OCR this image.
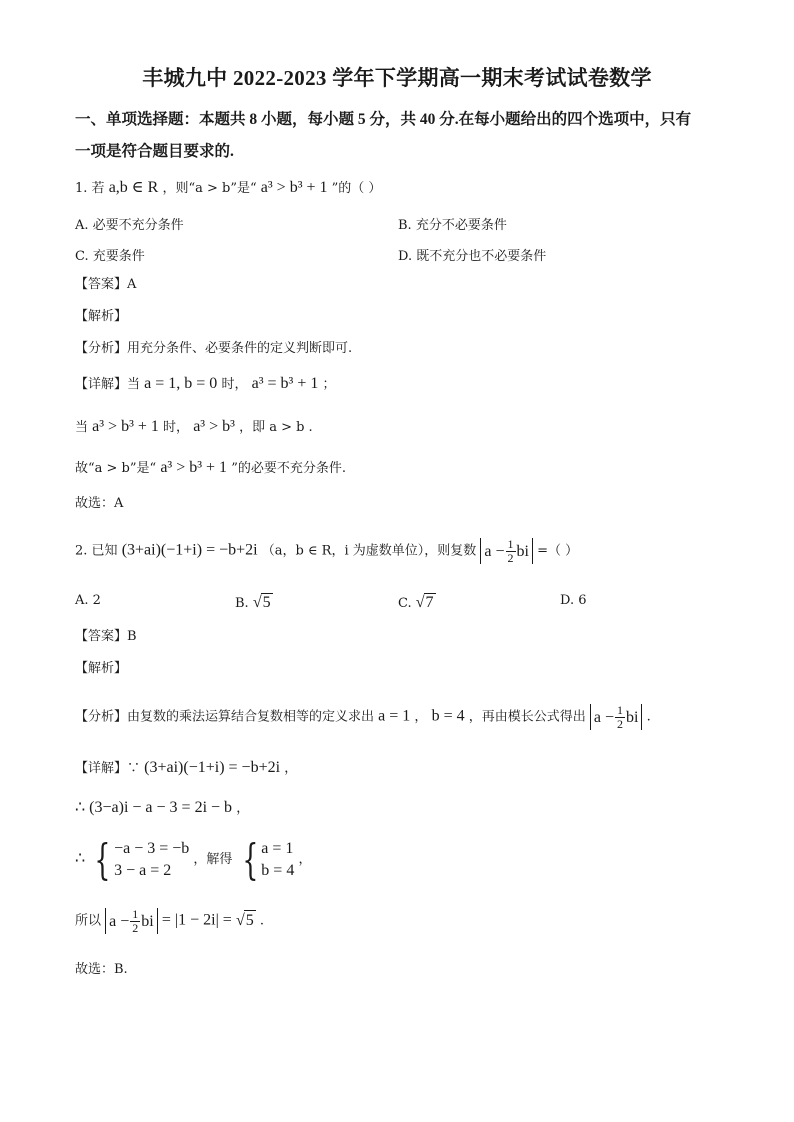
丰城九中 2022-2023 学年下学期高一期末考试试卷数学
一、单项选择题：本题共 8 小题，每小题 5 分，共 40 分.在每小题给出的四个选项中，只有
一项是符合题目要求的.
1. 若 a,b ∈ R ，则“a > b”是“ a³ > b³ + 1 ”的（ ）
A. 必要不充分条件	B. 充分不必要条件
C. 充要条件	D. 既不充分也不必要条件
【答案】A
【解析】
【分析】用充分条件、必要条件的定义判断即可.
【详解】当 a = 1, b = 0 时， a³ = b³ + 1 ；
当 a³ > b³ + 1 时， a³ > b³ ，即 a > b .
故“a > b”是“ a³ > b³ + 1 ”的必要不充分条件.
故选：A
2. 已知 (3+ai)(−1+i) = −b+2i （a，b ∈ R，i 为虚数单位），则复数 $a - \frac{1}{2}$ bi =（ ）
A. 2	B. √5	C. √7	D. 6
【答案】B
【解析】
【分析】由复数的乘法运算结合复数相等的定义求出 a = 1 ， b = 4 ，再由模长公式得出 $a - \frac{1}{2}$ bi .
【详解】∵ (3+ai)(−1+i) = −b+2i ，
∴ (3−a)i − a − 3 = 2i − b ，
∴ { −a − 3 = −b
3 − a = 2
，解得 { a = 1
b = 4
，
所以 $a - \frac{1}{2}$ bi = |1 − 2i| = √5 .
故选：B.
